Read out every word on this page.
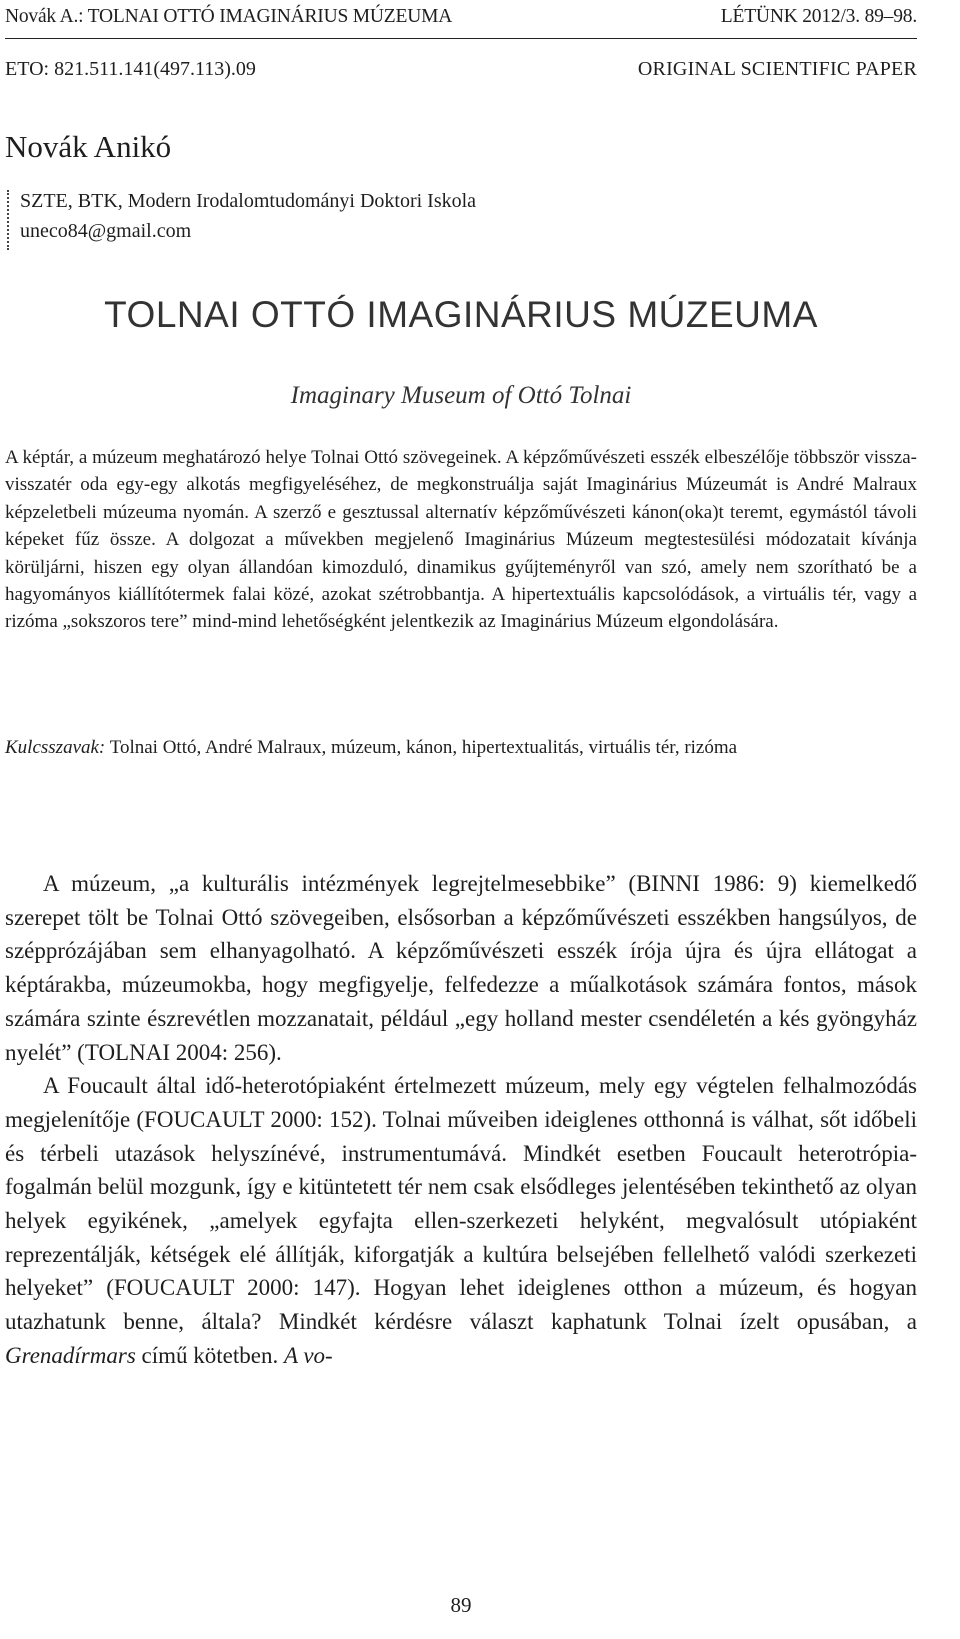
Novák A.: TOLNAI OTTÓ IMAGINÁRIUS MÚZEUMA	LÉTÜNK 2012/3. 89–98.
ETO: 821.511.141(497.113).09	ORIGINAL SCIENTIFIC PAPER
Novák Anikó
SZTE, BTK, Modern Irodalomtudományi Doktori Iskola
uneco84@gmail.com
TOLNAI OTTÓ IMAGINÁRIUS MÚZEUMA
Imaginary Museum of Ottó Tolnai

A képtár, a múzeum meghatározó helye Tolnai Ottó szövegeinek. A képzőművészeti esszék elbeszélője többször vissza-visszatér oda egy-egy alkotás megfigyeléséhez, de megkonstruálja saját Imaginárius Múzeumát is André Malraux képzeletbeli múzeuma nyomán. A szerző e gesztussal alternatív képzőművészeti kánon(oka)t teremt, egymástól távoli képeket fűz össze. A dolgozat a művekben megjelenő Imaginárius Múzeum megtestesülési módozatait kívánja körüljárni, hiszen egy olyan állandóan kimozduló, dinamikus gyűjteményről van szó, amely nem szorítható be a hagyományos kiállítótermek falai közé, azokat szétrobbantja. A hipertextuális kapcsolódások, a virtuális tér, vagy a rizóma „sokszoros tere” mind-mind lehetőségként jelentkezik az Imaginárius Múzeum elgondolására.

Kulcsszavak: Tolnai Ottó, André Malraux, múzeum, kánon, hipertextualitás, virtuális tér, rizóma

A múzeum, „a kulturális intézmények legrejtelmesebbike” (BINNI 1986: 9) kiemelkedő szerepet tölt be Tolnai Ottó szövegeiben, elsősorban a képzőművészeti esszékben hangsúlyos, de szépprózájában sem elhanyagolható. A képzőművészeti esszék írója újra és újra ellátogat a képtárakba, múzeumokba, hogy megfigyelje, felfedezze a műalkotások számára fontos, mások számára szinte észrevétlen mozzanatait, például „egy holland mester csendéletén a kés gyöngyház nyelét” (TOLNAI 2004: 256).

A Foucault által idő-heterotópiaként értelmezett múzeum, mely egy végtelen felhalmozódás megjelenítője (FOUCAULT 2000: 152). Tolnai műveiben ideiglenes otthonná is válhat, sőt időbeli és térbeli utazások helyszínévé, instrumentumává. Mindkét esetben Foucault heterotrópia-fogalmán belül mozgunk, így e kitüntetett tér nem csak elsődleges jelentésében tekinthető az olyan helyek egyikének, „amelyek egyfajta ellen-szerkezeti helyként, megvalósult utópiaként reprezentálják, kétségek elé állítják, kiforgatják a kultúra belsejében fellelhető valódi szerkezeti helyeket” (FOUCAULT 2000: 147). Hogyan lehet ideiglenes otthon a múzeum, és hogyan utazhatunk benne, általa? Mindkét kérdésre választ kaphatunk Tolnai ízelt opusában, a Grenadírmars című kötetben. A vo-

89
